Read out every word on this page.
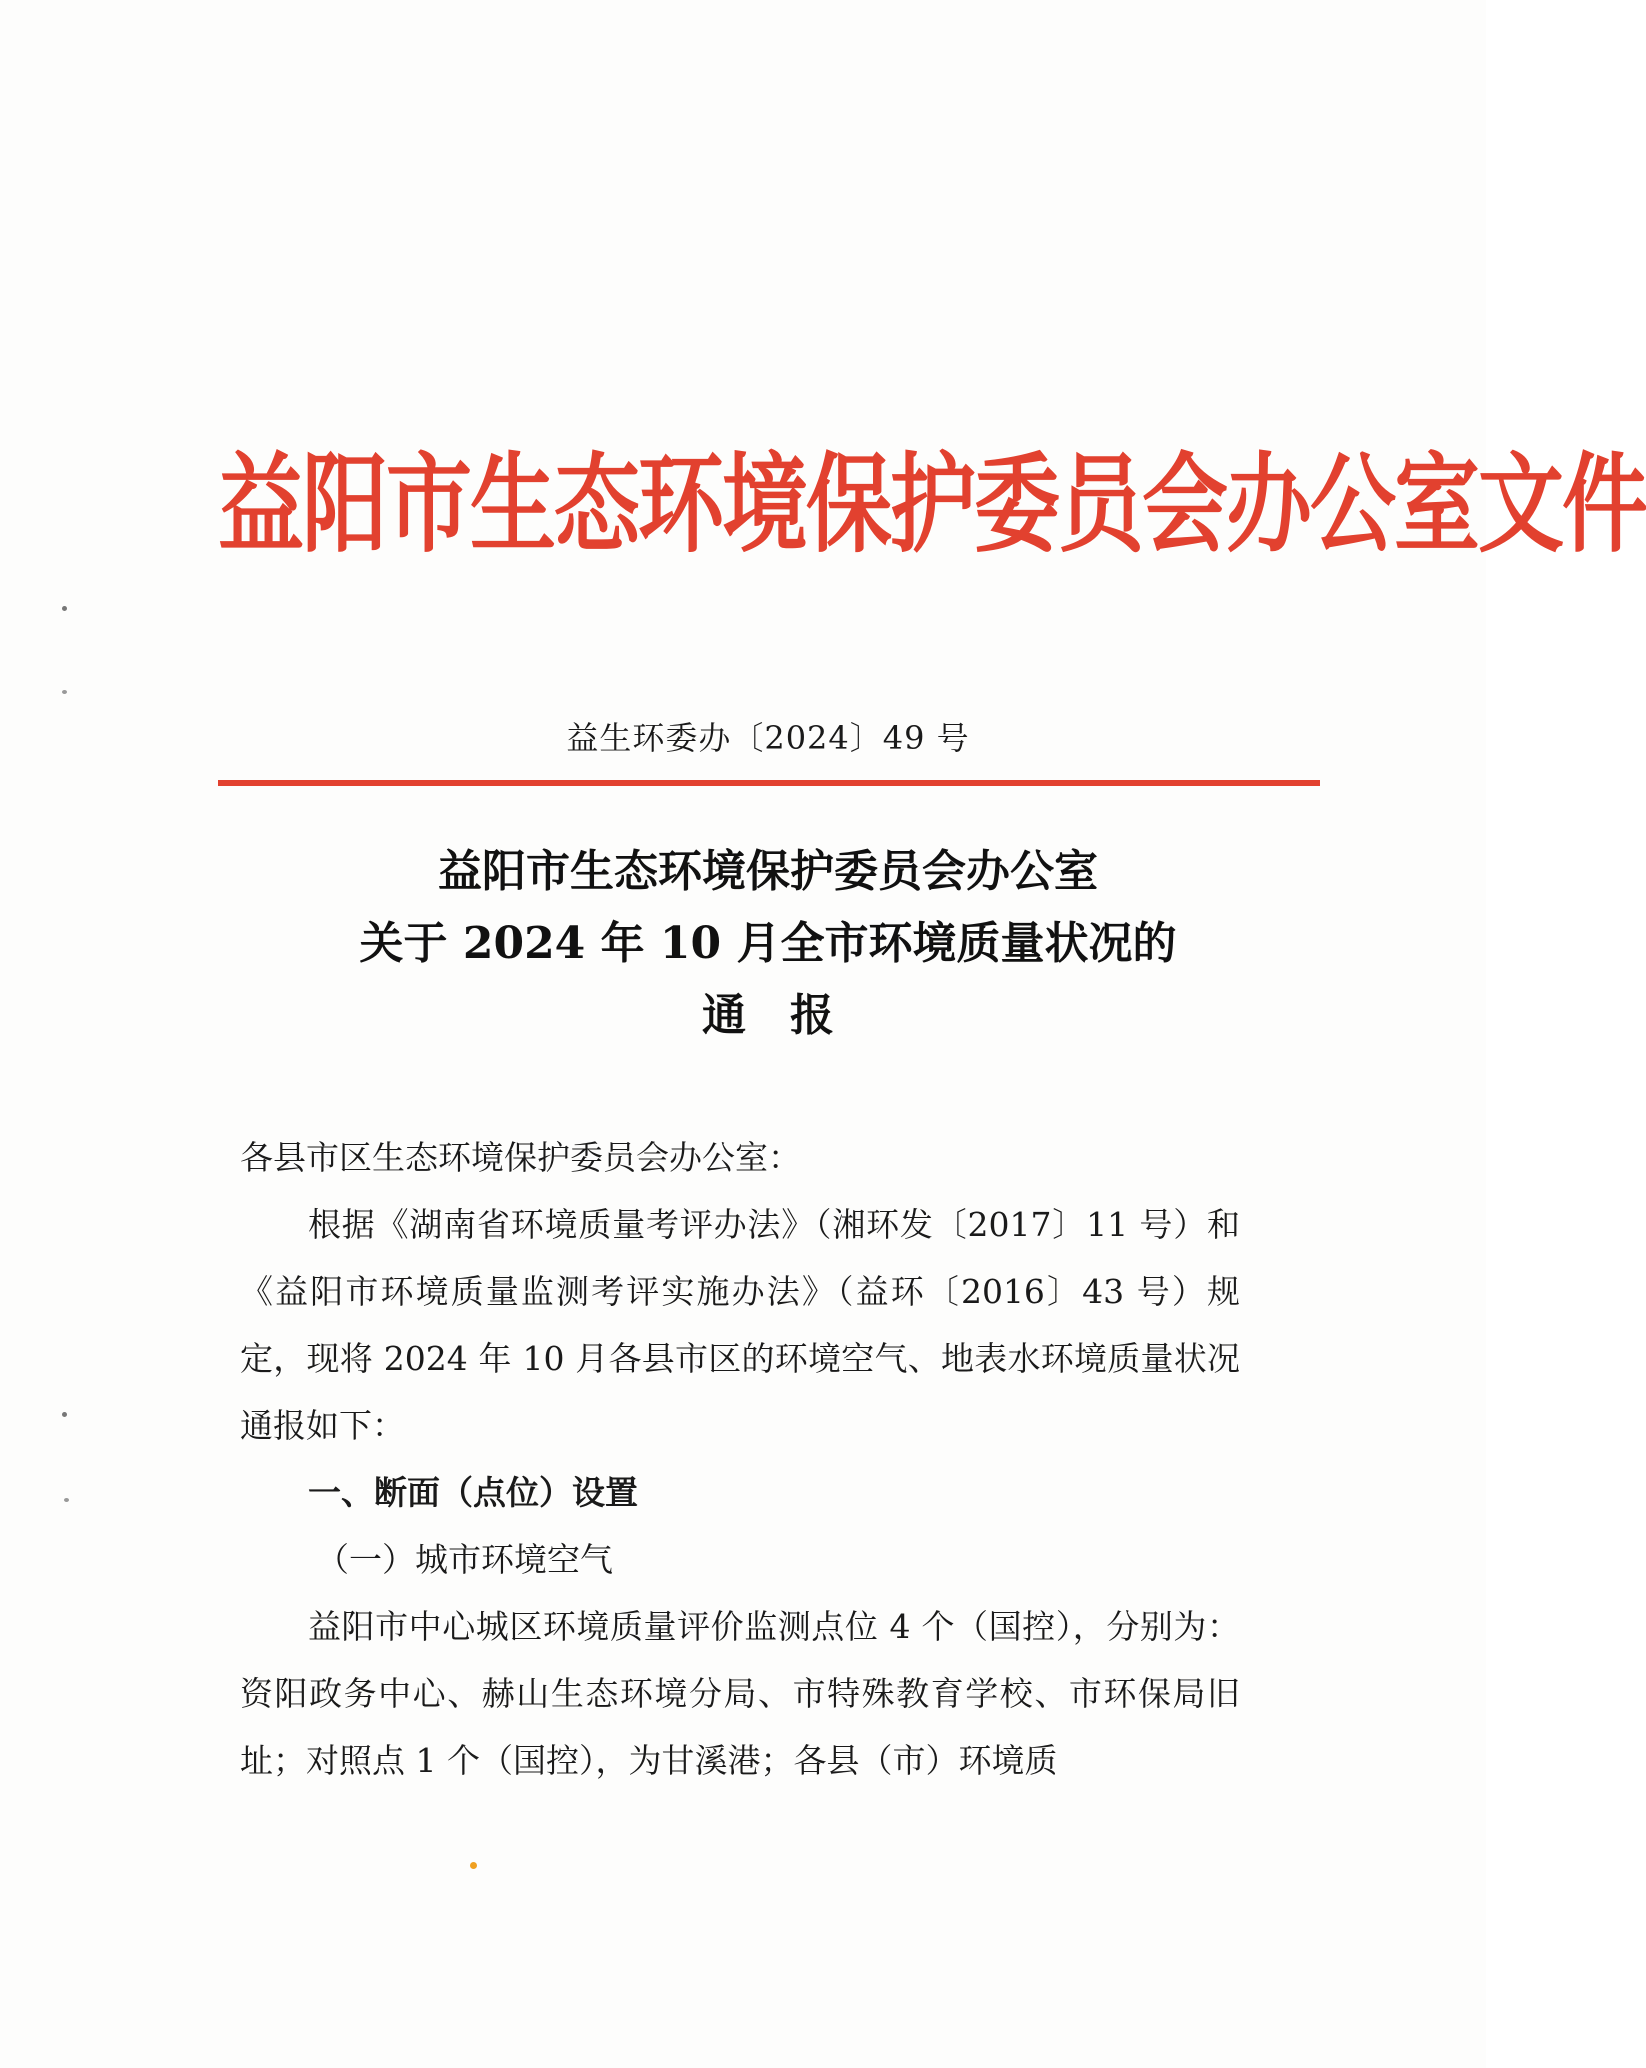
益阳市生态环境保护委员会办公室文件
益生环委办〔2024〕49 号
益阳市生态环境保护委员会办公室
关于 2024 年 10 月全市环境质量状况的
通　报

各县市区生态环境保护委员会办公室：

根据《湖南省环境质量考评办法》（湘环发〔2017〕11 号）和《益阳市环境质量监测考评实施办法》（益环〔2016〕43 号）规定，现将 2024 年 10 月各县市区的环境空气、地表水环境质量状况通报如下：

一、断面（点位）设置

（一）城市环境空气

益阳市中心城区环境质量评价监测点位 4 个（国控），分别为：资阳政务中心、赫山生态环境分局、市特殊教育学校、市环保局旧址；对照点 1 个（国控），为甘溪港；各县（市）环境质
